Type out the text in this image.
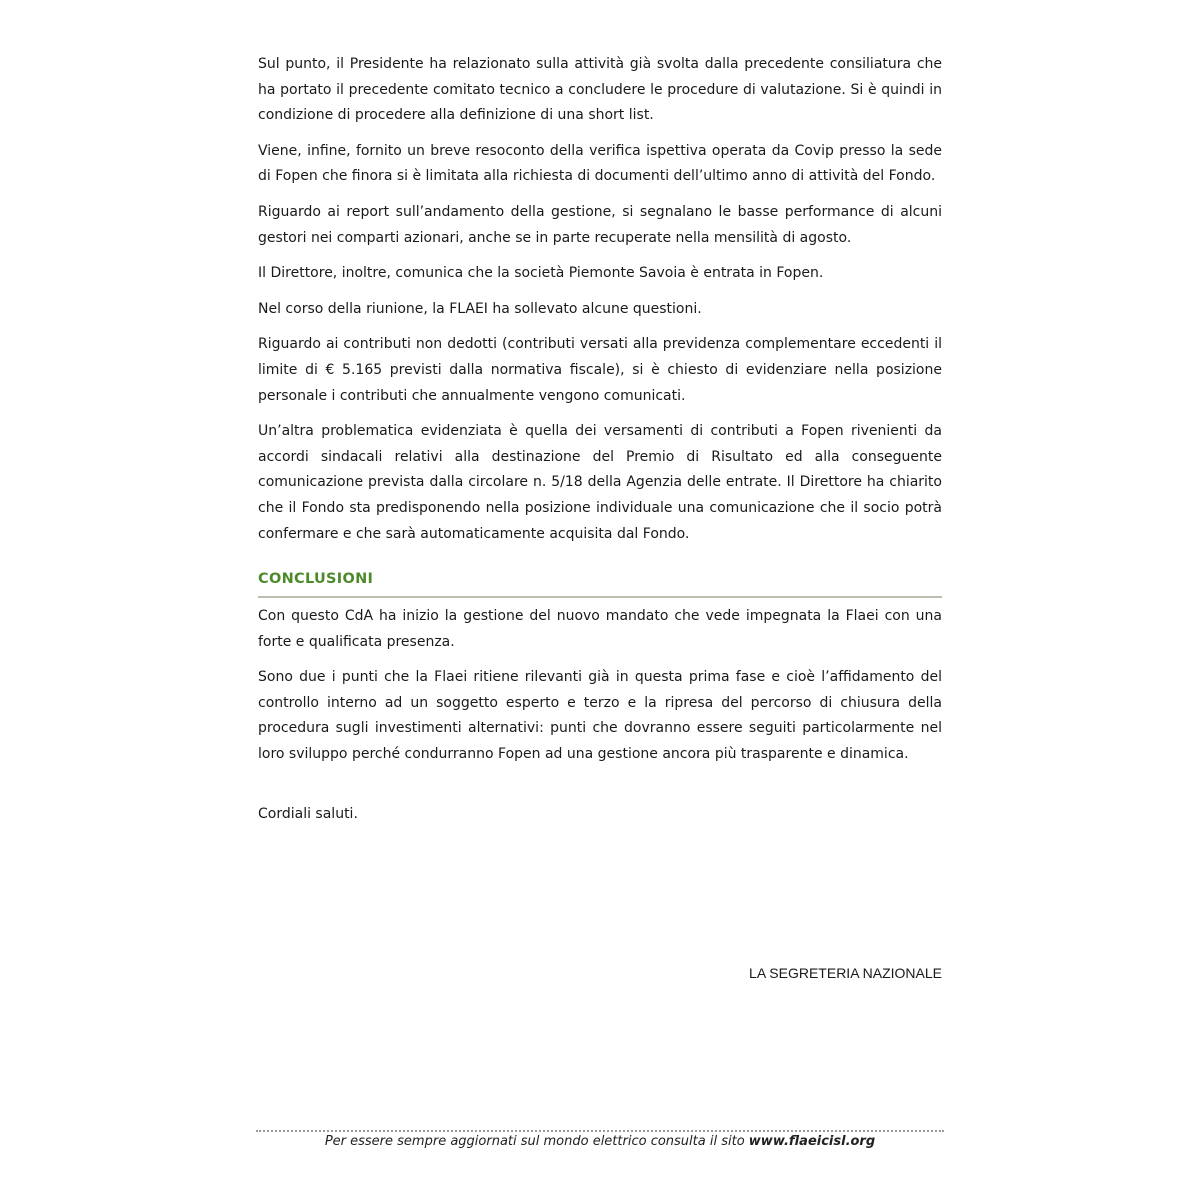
Sul punto, il Presidente ha relazionato sulla attività già svolta dalla precedente consiliatura che ha portato il precedente comitato tecnico a concludere le procedure di valutazione. Si è quindi in condizione di procedere alla definizione di una short list.

Viene, infine, fornito un breve resoconto della verifica ispettiva operata da Covip presso la sede di Fopen che finora si è limitata alla richiesta di documenti dell’ultimo anno di attività del Fondo.

Riguardo ai report sull’andamento della gestione, si segnalano le basse performance di alcuni gestori nei comparti azionari, anche se in parte recuperate nella mensilità di agosto.

Il Direttore, inoltre, comunica che la società Piemonte Savoia è entrata in Fopen.

Nel corso della riunione, la FLAEI ha sollevato alcune questioni.

Riguardo ai contributi non dedotti (contributi versati alla previdenza complementare eccedenti il limite di € 5.165 previsti dalla normativa fiscale), si è chiesto di evidenziare nella posizione personale i contributi che annualmente vengono comunicati.

Un’altra problematica evidenziata è quella dei versamenti di contributi a Fopen rivenienti da accordi sindacali relativi alla destinazione del Premio di Risultato ed alla conseguente comunicazione prevista dalla circolare n. 5/18 della Agenzia delle entrate. Il Direttore ha chiarito che il Fondo sta predisponendo nella posizione individuale una comunicazione che il socio potrà confermare e che sarà automaticamente acquisita dal Fondo.

CONCLUSIONI

Con questo CdA ha inizio la gestione del nuovo mandato che vede impegnata la Flaei con una forte e qualificata presenza.

Sono due i punti che la Flaei ritiene rilevanti già in questa prima fase e cioè l’affidamento del controllo interno ad un soggetto esperto e terzo e la ripresa del percorso di chiusura della procedura sugli investimenti alternativi: punti che dovranno essere seguiti particolarmente nel loro sviluppo perché condurranno Fopen ad una gestione ancora più trasparente e dinamica.

Cordiali saluti.

LA SEGRETERIA NAZIONALE
Per essere sempre aggiornati sul mondo elettrico consulta il sito www.flaeicisl.org
